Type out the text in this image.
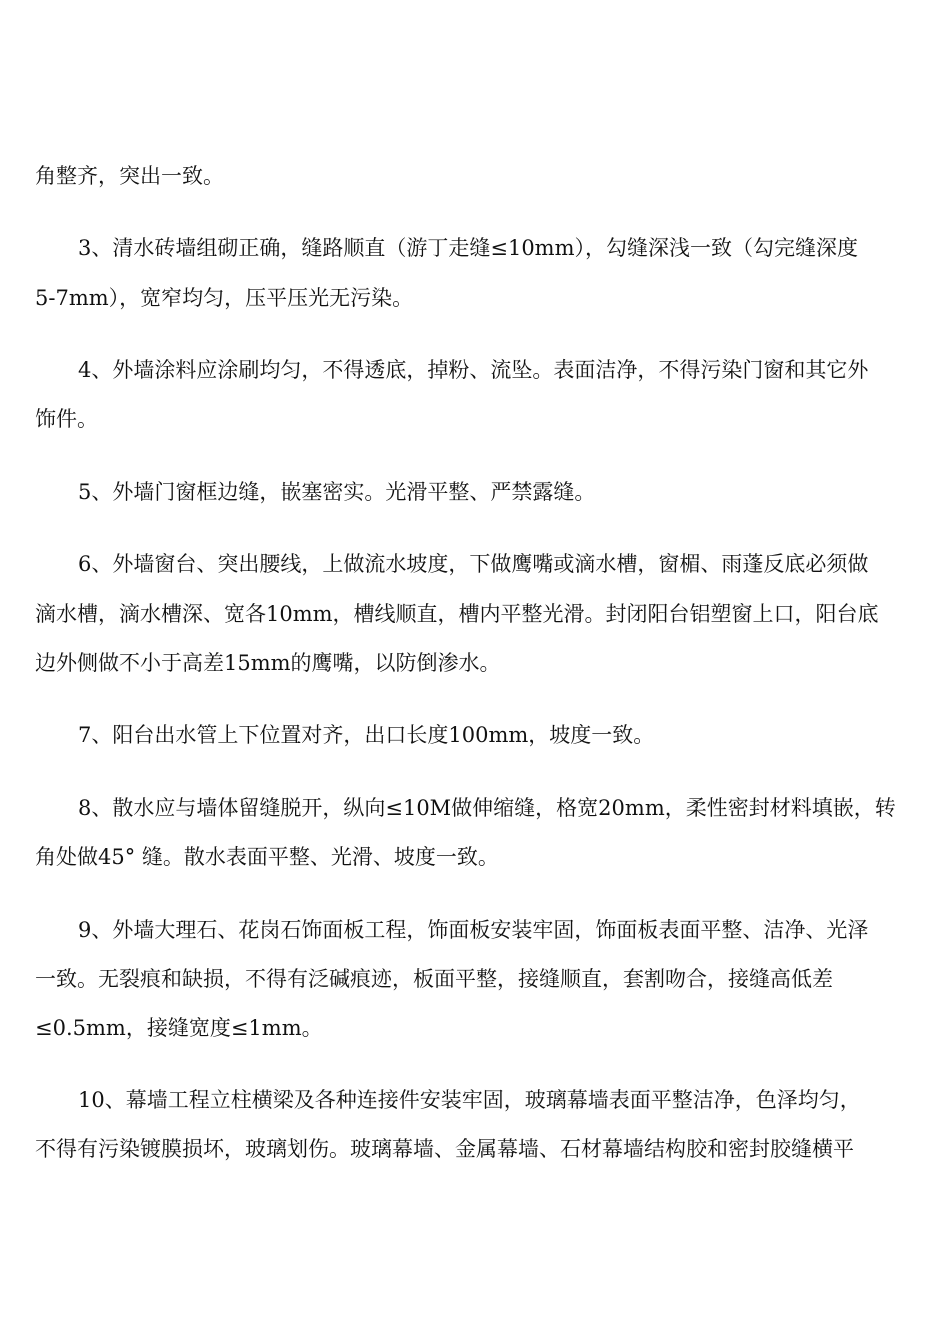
角整齐，突出一致。
3、清水砖墙组砌正确，缝路顺直（游丁走缝≤10mm），勾缝深浅一致（勾完缝深度
5-7mm），宽窄均匀，压平压光无污染。
4、外墙涂料应涂刷均匀，不得透底，掉粉、流坠。表面洁净，不得污染门窗和其它外
饰件。
5、外墙门窗框边缝，嵌塞密实。光滑平整、严禁露缝。
6、外墙窗台、突出腰线，上做流水坡度，下做鹰嘴或滴水槽，窗楣、雨蓬反底必须做
滴水槽，滴水槽深、宽各10mm，槽线顺直，槽内平整光滑。封闭阳台铝塑窗上口，阳台底
边外侧做不小于高差15mm的鹰嘴，以防倒渗水。
7、阳台出水管上下位置对齐，出口长度100mm，坡度一致。
8、散水应与墙体留缝脱开，纵向≤10M做伸缩缝，格宽20mm，柔性密封材料填嵌，转
角处做45° 缝。散水表面平整、光滑、坡度一致。
9、外墙大理石、花岗石饰面板工程，饰面板安装牢固，饰面板表面平整、洁净、光泽
一致。无裂痕和缺损，不得有泛碱痕迹，板面平整，接缝顺直，套割吻合，接缝高低差
≤0.5mm，接缝宽度≤1mm。
10、幕墙工程立柱横梁及各种连接件安装牢固，玻璃幕墙表面平整洁净，色泽均匀，
不得有污染镀膜损坏，玻璃划伤。玻璃幕墙、金属幕墙、石材幕墙结构胶和密封胶缝横平
